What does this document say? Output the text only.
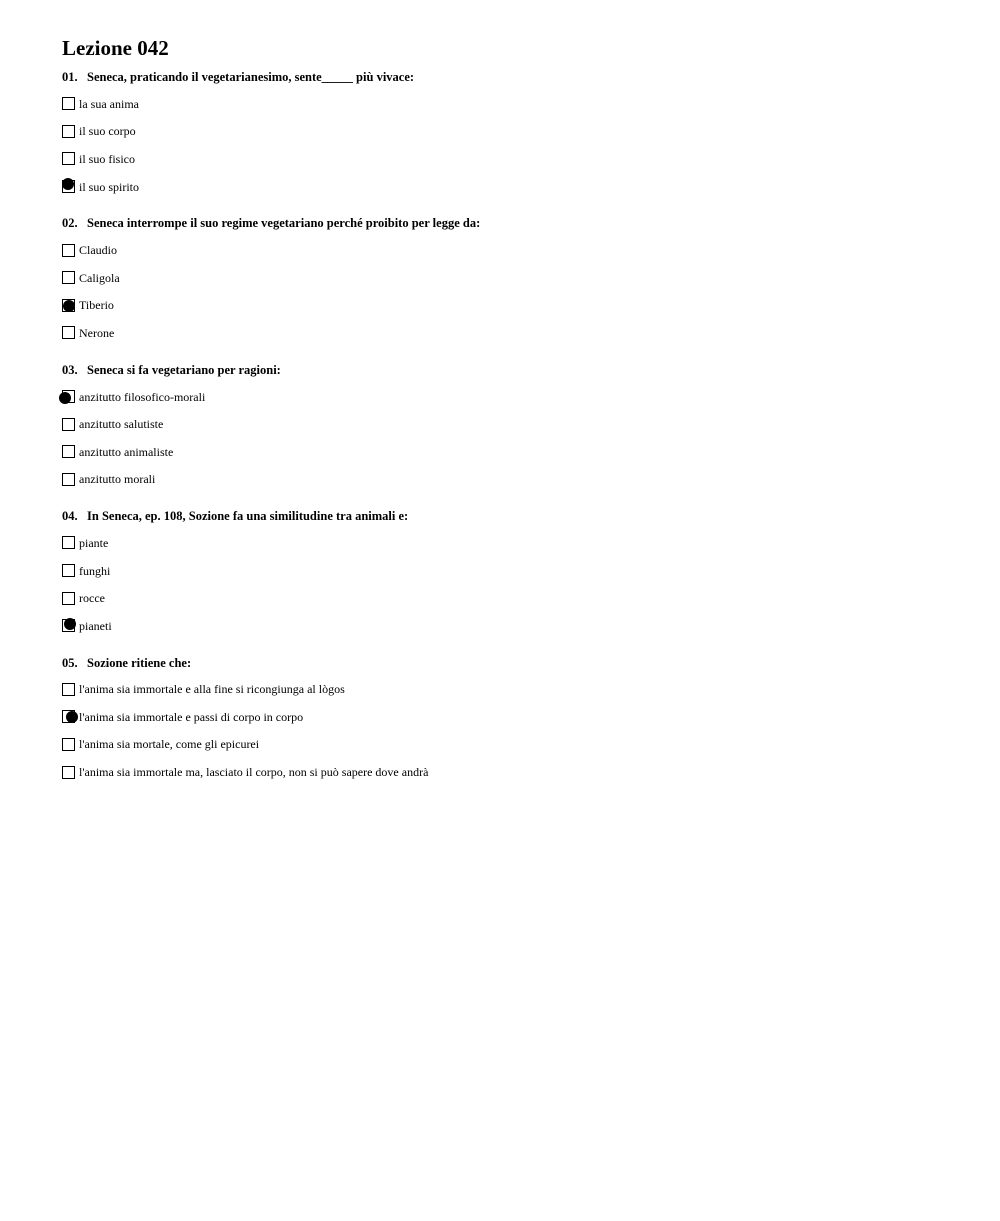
Lezione 042
01. Seneca, praticando il vegetarianesimo, sente_____ più vivace:
la sua anima
il suo corpo
il suo fisico
il suo spirito
02. Seneca interrompe il suo regime vegetariano perché proibito per legge da:
Claudio
Caligola
Tiberio
Nerone
03. Seneca si fa vegetariano per ragioni:
anzitutto filosofico-morali
anzitutto salutiste
anzitutto animaliste
anzitutto morali
04. In Seneca, ep. 108, Sozione fa una similitudine tra animali e:
piante
funghi
rocce
pianeti
05. Sozione ritiene che:
l'anima sia immortale e alla fine si ricongiunga al lògos
l'anima sia immortale e passi di corpo in corpo
l'anima sia mortale, come gli epicurei
l'anima sia immortale ma, lasciato il corpo, non si può sapere dove andrà
